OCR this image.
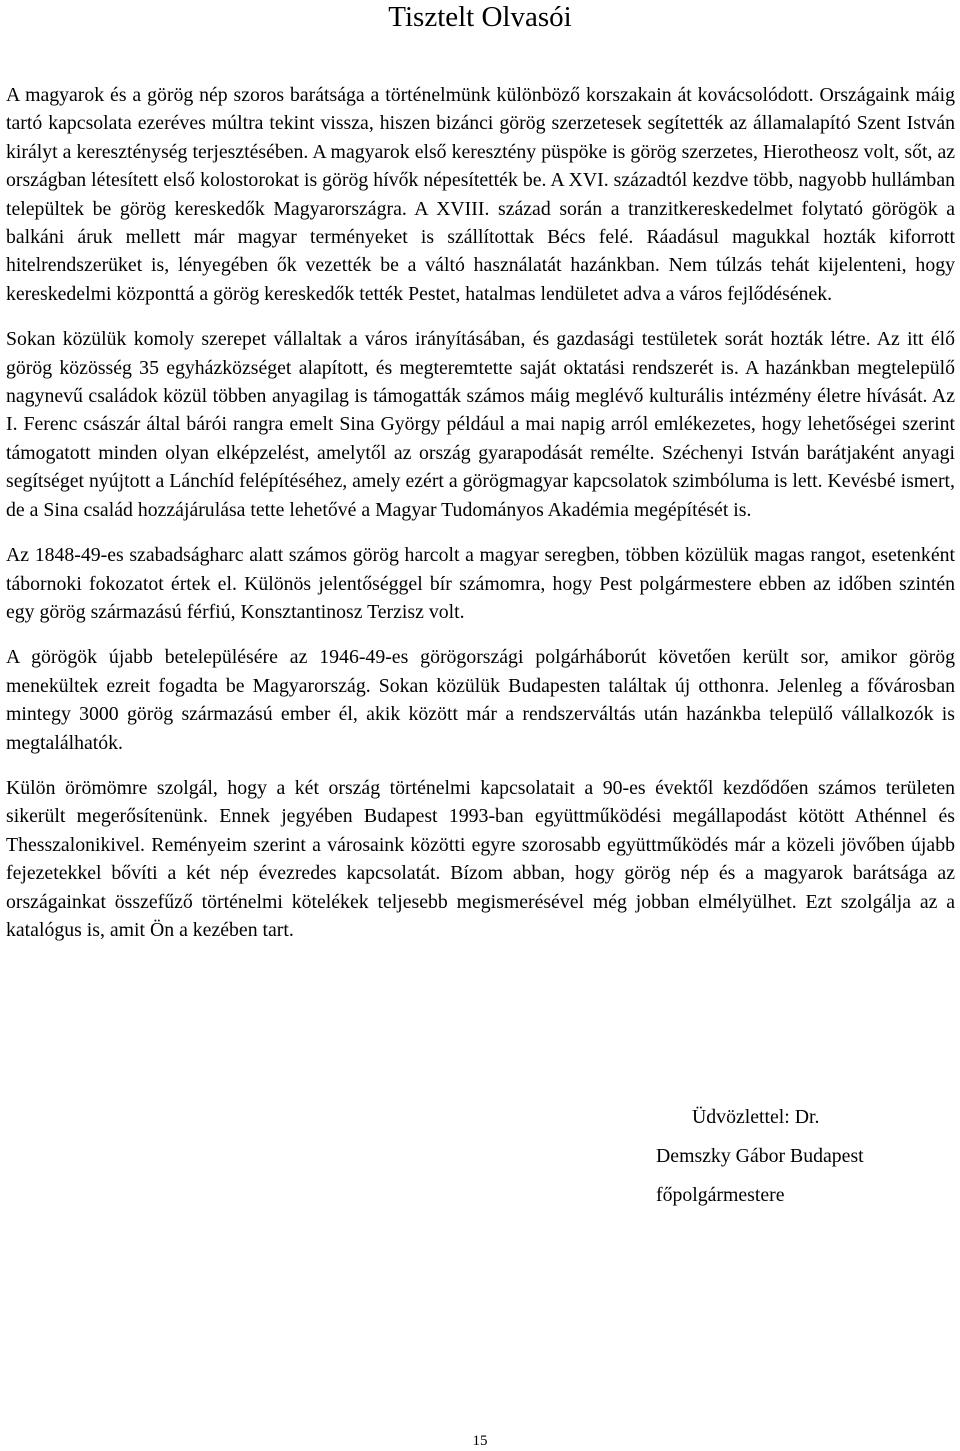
Tisztelt Olvasói

A magyarok és a görög nép szoros barátsága a történelmünk különböző korszakain át kovácsolódott. Országaink máig tartó kapcsolata ezeréves múltra tekint vissza, hiszen bizánci görög szerzetesek segítették az államalapító Szent István királyt a kereszténység terjesztésében. A magyarok első keresztény püspöke is görög szerzetes, Hierotheosz volt, sőt, az országban létesített első kolostorokat is görög hívők népesítették be. A XVI. századtól kezdve több, nagyobb hullámban települtek be görög kereskedők Magyarországra. A XVIII. század során a tranzitkereskedelmet folytató görögök a balkáni áruk mellett már magyar terményeket is szállítottak Bécs felé. Ráadásul magukkal hozták kiforrott hitelrendszerüket is, lényegében ők vezették be a váltó használatát hazánkban. Nem túlzás tehát kijelenteni, hogy kereskedelmi központtá a görög kereskedők tették Pestet, hatalmas lendületet adva a város fejlődésének.

Sokan közülük komoly szerepet vállaltak a város irányításában, és gazdasági testületek sorát hozták létre. Az itt élő görög közösség 35 egyházközséget alapított, és megteremtette saját oktatási rendszerét is. A hazánkban megtelepülő nagynevű családok közül többen anyagilag is támogatták számos máig meglévő kulturális intézmény életre hívását. Az I. Ferenc császár által bárói rangra emelt Sina György például a mai napig arról emlékezetes, hogy lehetőségei szerint támogatott minden olyan elképzelést, amelytől az ország gyarapodását remélte. Széchenyi István barátjaként anyagi segítséget nyújtott a Lánchíd felépítéséhez, amely ezért a görögmagyar kapcsolatok szimbóluma is lett. Kevésbé ismert, de a Sina család hozzájárulása tette lehetővé a Magyar Tudományos Akadémia megépítését is.

Az 1848-49-es szabadságharc alatt számos görög harcolt a magyar seregben, többen közülük magas rangot, esetenként tábornoki fokozatot értek el. Különös jelentőséggel bír számomra, hogy Pest polgármestere ebben az időben szintén egy görög származású férfiú, Konsztantinosz Terzisz volt.

A görögök újabb betelepülésére az 1946-49-es görögországi polgárháborút követően került sor, amikor görög menekültek ezreit fogadta be Magyarország. Sokan közülük Budapesten találtak új otthonra. Jelenleg a fővárosban mintegy 3000 görög származású ember él, akik között már a rendszerváltás után hazánkba települő vállalkozók is megtalálhatók.

Külön örömömre szolgál, hogy a két ország történelmi kapcsolatait a 90-es évektől kezdődően számos területen sikerült megerősítenünk. Ennek jegyében Budapest 1993-ban együttműködési megállapodást kötött Athénnel és Thesszalonikivel. Reményeim szerint a városaink közötti egyre szorosabb együttműködés már a közeli jövőben újabb fejezetekkel bővíti a két nép évezredes kapcsolatát. Bízom abban, hogy görög nép és a magyarok barátsága az országainkat összefűző történelmi kötelékek teljesebb megismerésével még jobban elmélyülhet. Ezt szolgálja az a katalógus is, amit Ön a kezében tart.

Üdvözlettel: Dr.

Demszky Gábor Budapest

főpolgármestere

15
